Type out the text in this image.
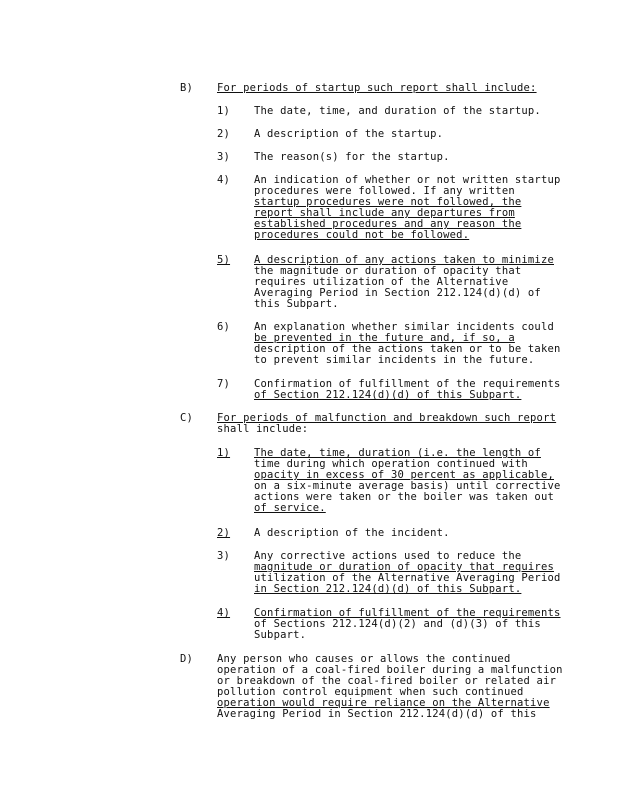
B) For periods of startup such report shall include:
1) The date, time, and duration of the startup.
2) A description of the startup.
3) The reason(s) for the startup.
4) An indication of whether or not written startup
procedures were followed. If any written
startup procedures were not followed, the
report shall include any departures from
established procedures and any reason the
procedures could not be followed.
5) A description of any actions taken to minimize
the magnitude or duration of opacity that
requires utilization of the Alternative
Averaging Period in Section 212.124(d)(d) of
this Subpart.
6) An explanation whether similar incidents could
be prevented in the future and, if so, a
description of the actions taken or to be taken
to prevent similar incidents in the future.
7) Confirmation of fulfillment of the requirements
of Section 212.124(d)(d) of this Subpart.
C) For periods of malfunction and breakdown such report
shall include:
1) The date, time, duration (i.e. the length of
time during which operation continued with
opacity in excess of 30 percent as applicable,
on a six-minute average basis) until corrective
actions were taken or the boiler was taken out
of service.
2) A description of the incident.
3) Any corrective actions used to reduce the
magnitude or duration of opacity that requires
utilization of the Alternative Averaging Period
in Section 212.124(d)(d) of this Subpart.
4) Confirmation of fulfillment of the requirements
of Sections 212.124(d)(2) and (d)(3) of this
Subpart.
D) Any person who causes or allows the continued
operation of a coal-fired boiler during a malfunction
or breakdown of the coal-fired boiler or related air
pollution control equipment when such continued
operation would require reliance on the Alternative
Averaging Period in Section 212.124(d)(d) of this
